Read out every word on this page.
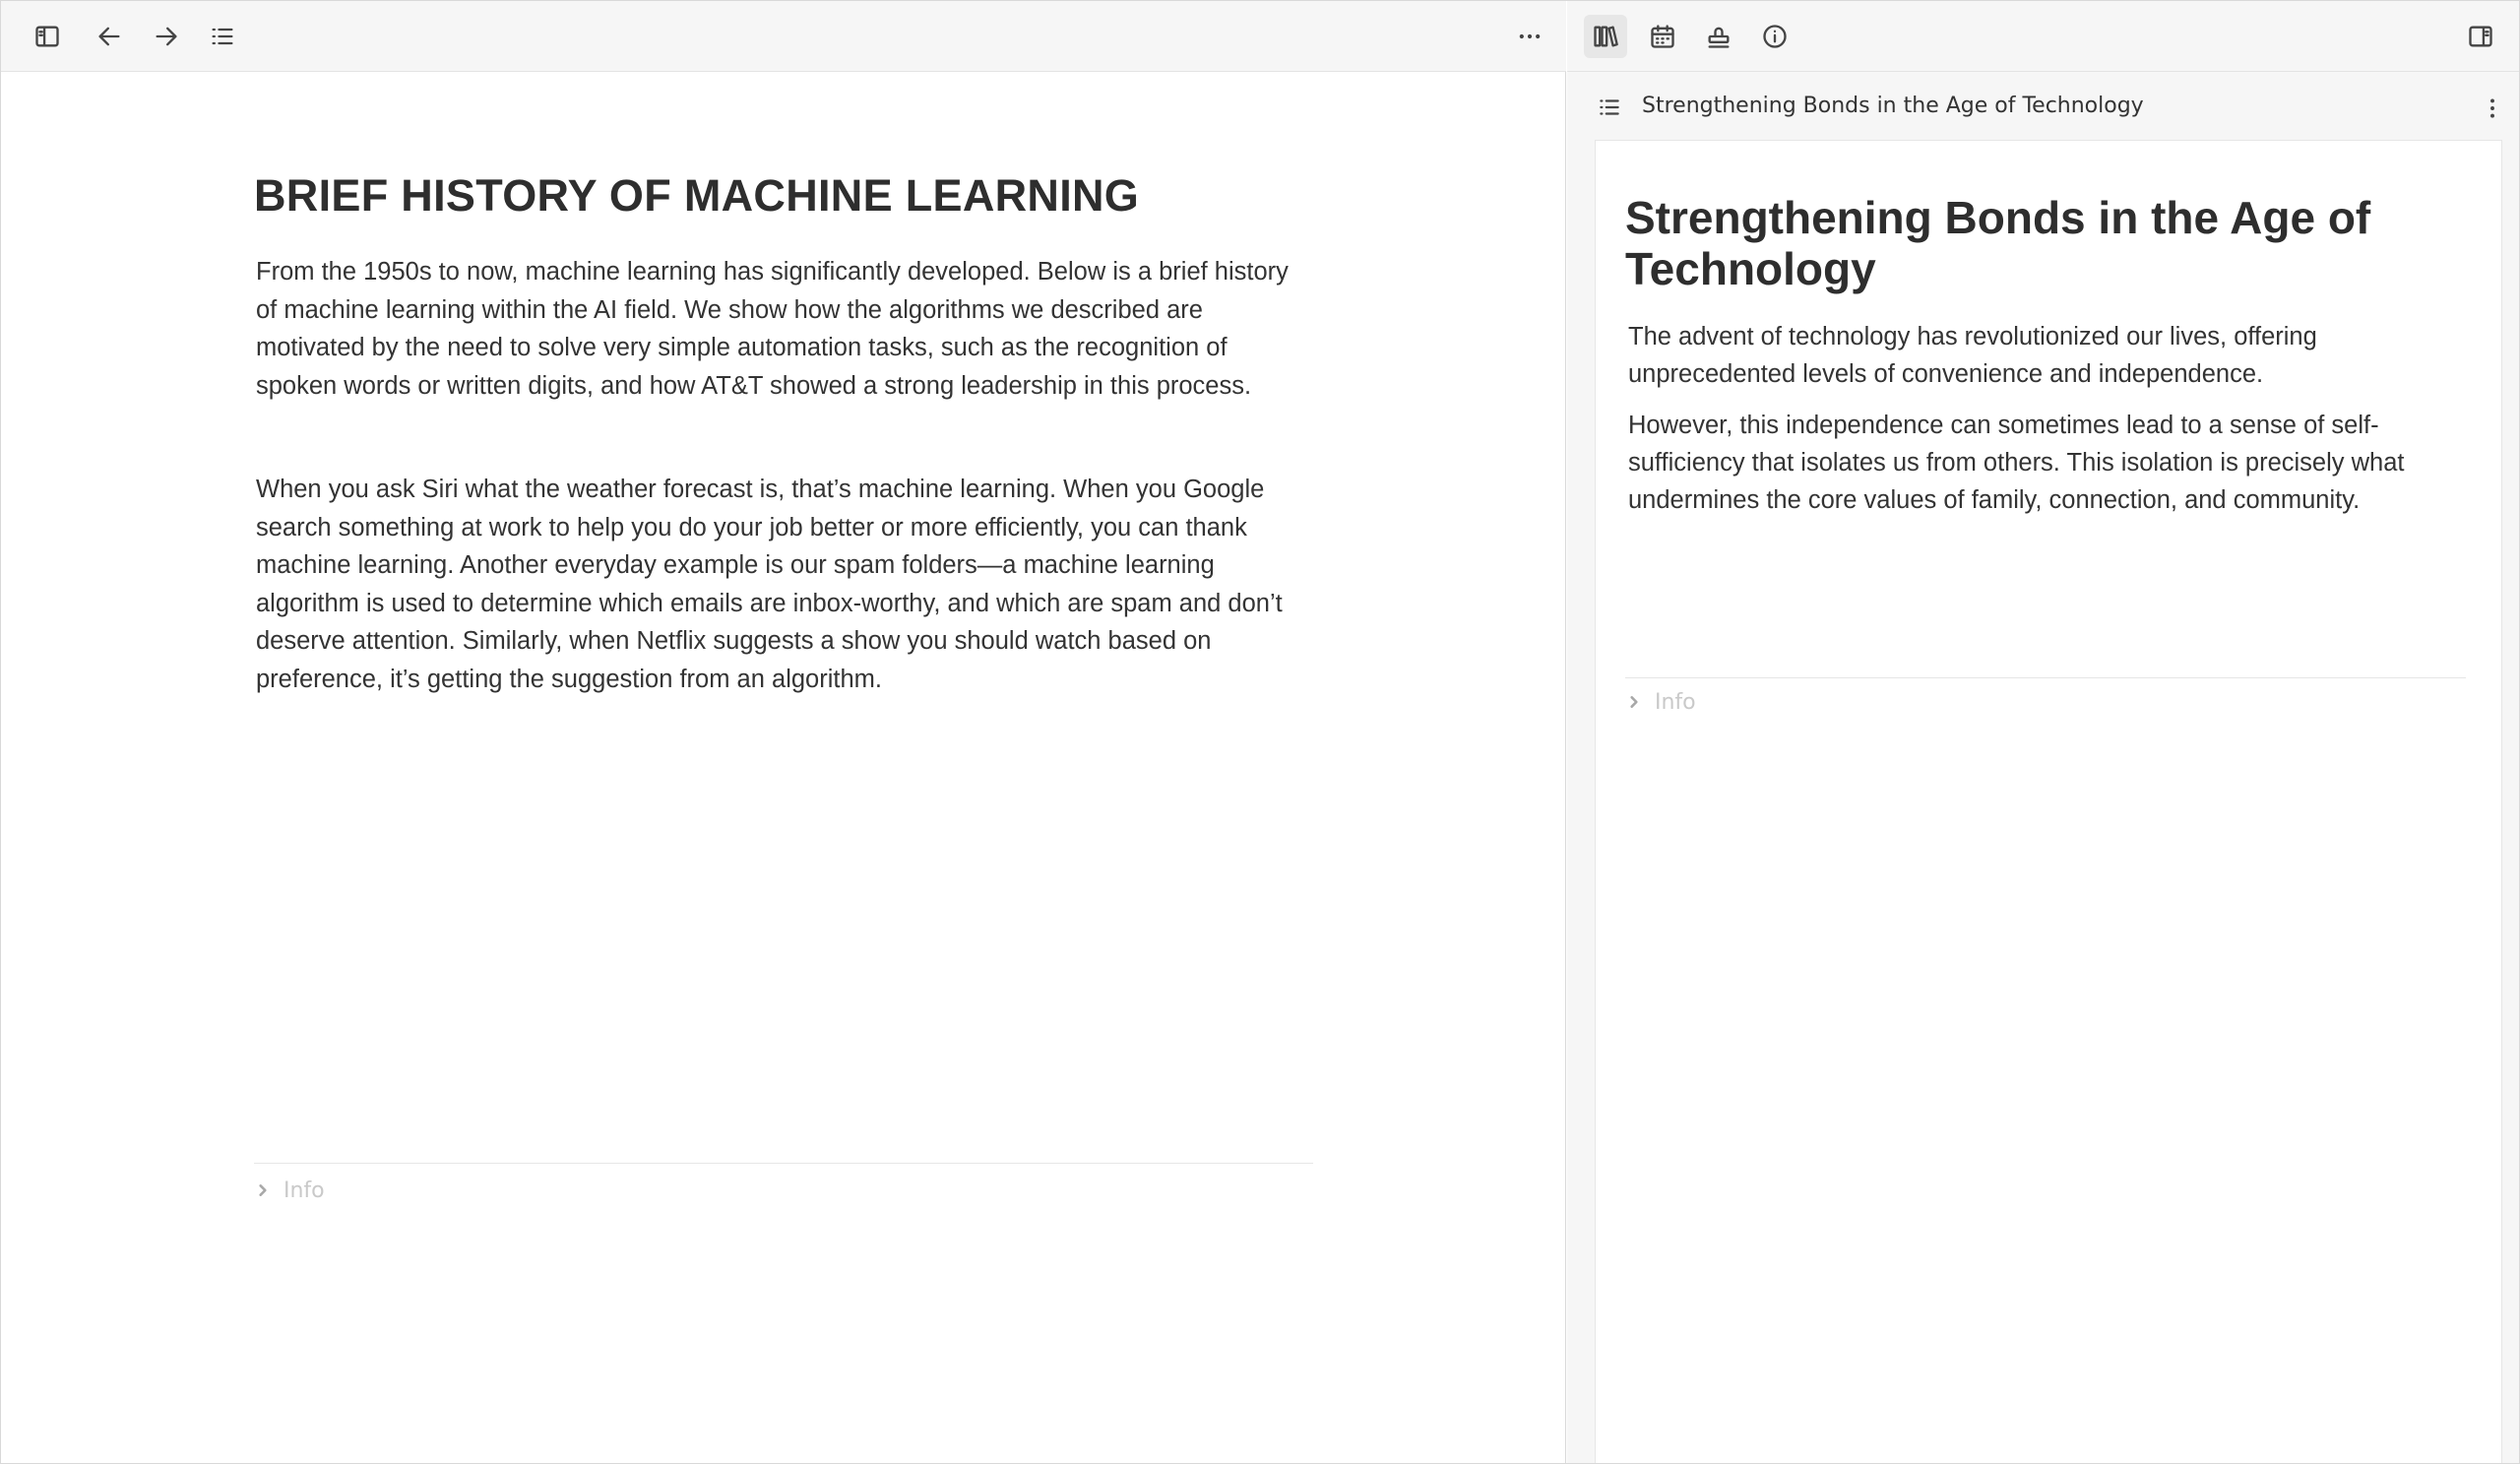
BRIEF HISTORY OF MACHINE LEARNING

From the 1950s to now, machine learning has significantly developed. Below is a brief history of machine learning within the AI field. We show how the algorithms we described are motivated by the need to solve very simple automation tasks, such as the recognition of spoken words or written digits, and how AT&T showed a strong leadership in this process.

When you ask Siri what the weather forecast is, that’s machine learning. When you Google search something at work to help you do your job better or more efficiently, you can thank machine learning. Another everyday example is our spam folders—a machine learning algorithm is used to determine which emails are inbox-worthy, and which are spam and don’t deserve attention. Similarly, when Netflix suggests a show you should watch based on preference, it’s getting the suggestion from an algorithm.

Info
Strengthening Bonds in the Age of Technology
Strengthening Bonds in the Age of Technology

The advent of technology has revolutionized our lives, offering unprecedented levels of convenience and independence.

However, this independence can sometimes lead to a sense of self-sufficiency that isolates us from others. This isolation is precisely what undermines the core values of family, connection, and community.

Info
